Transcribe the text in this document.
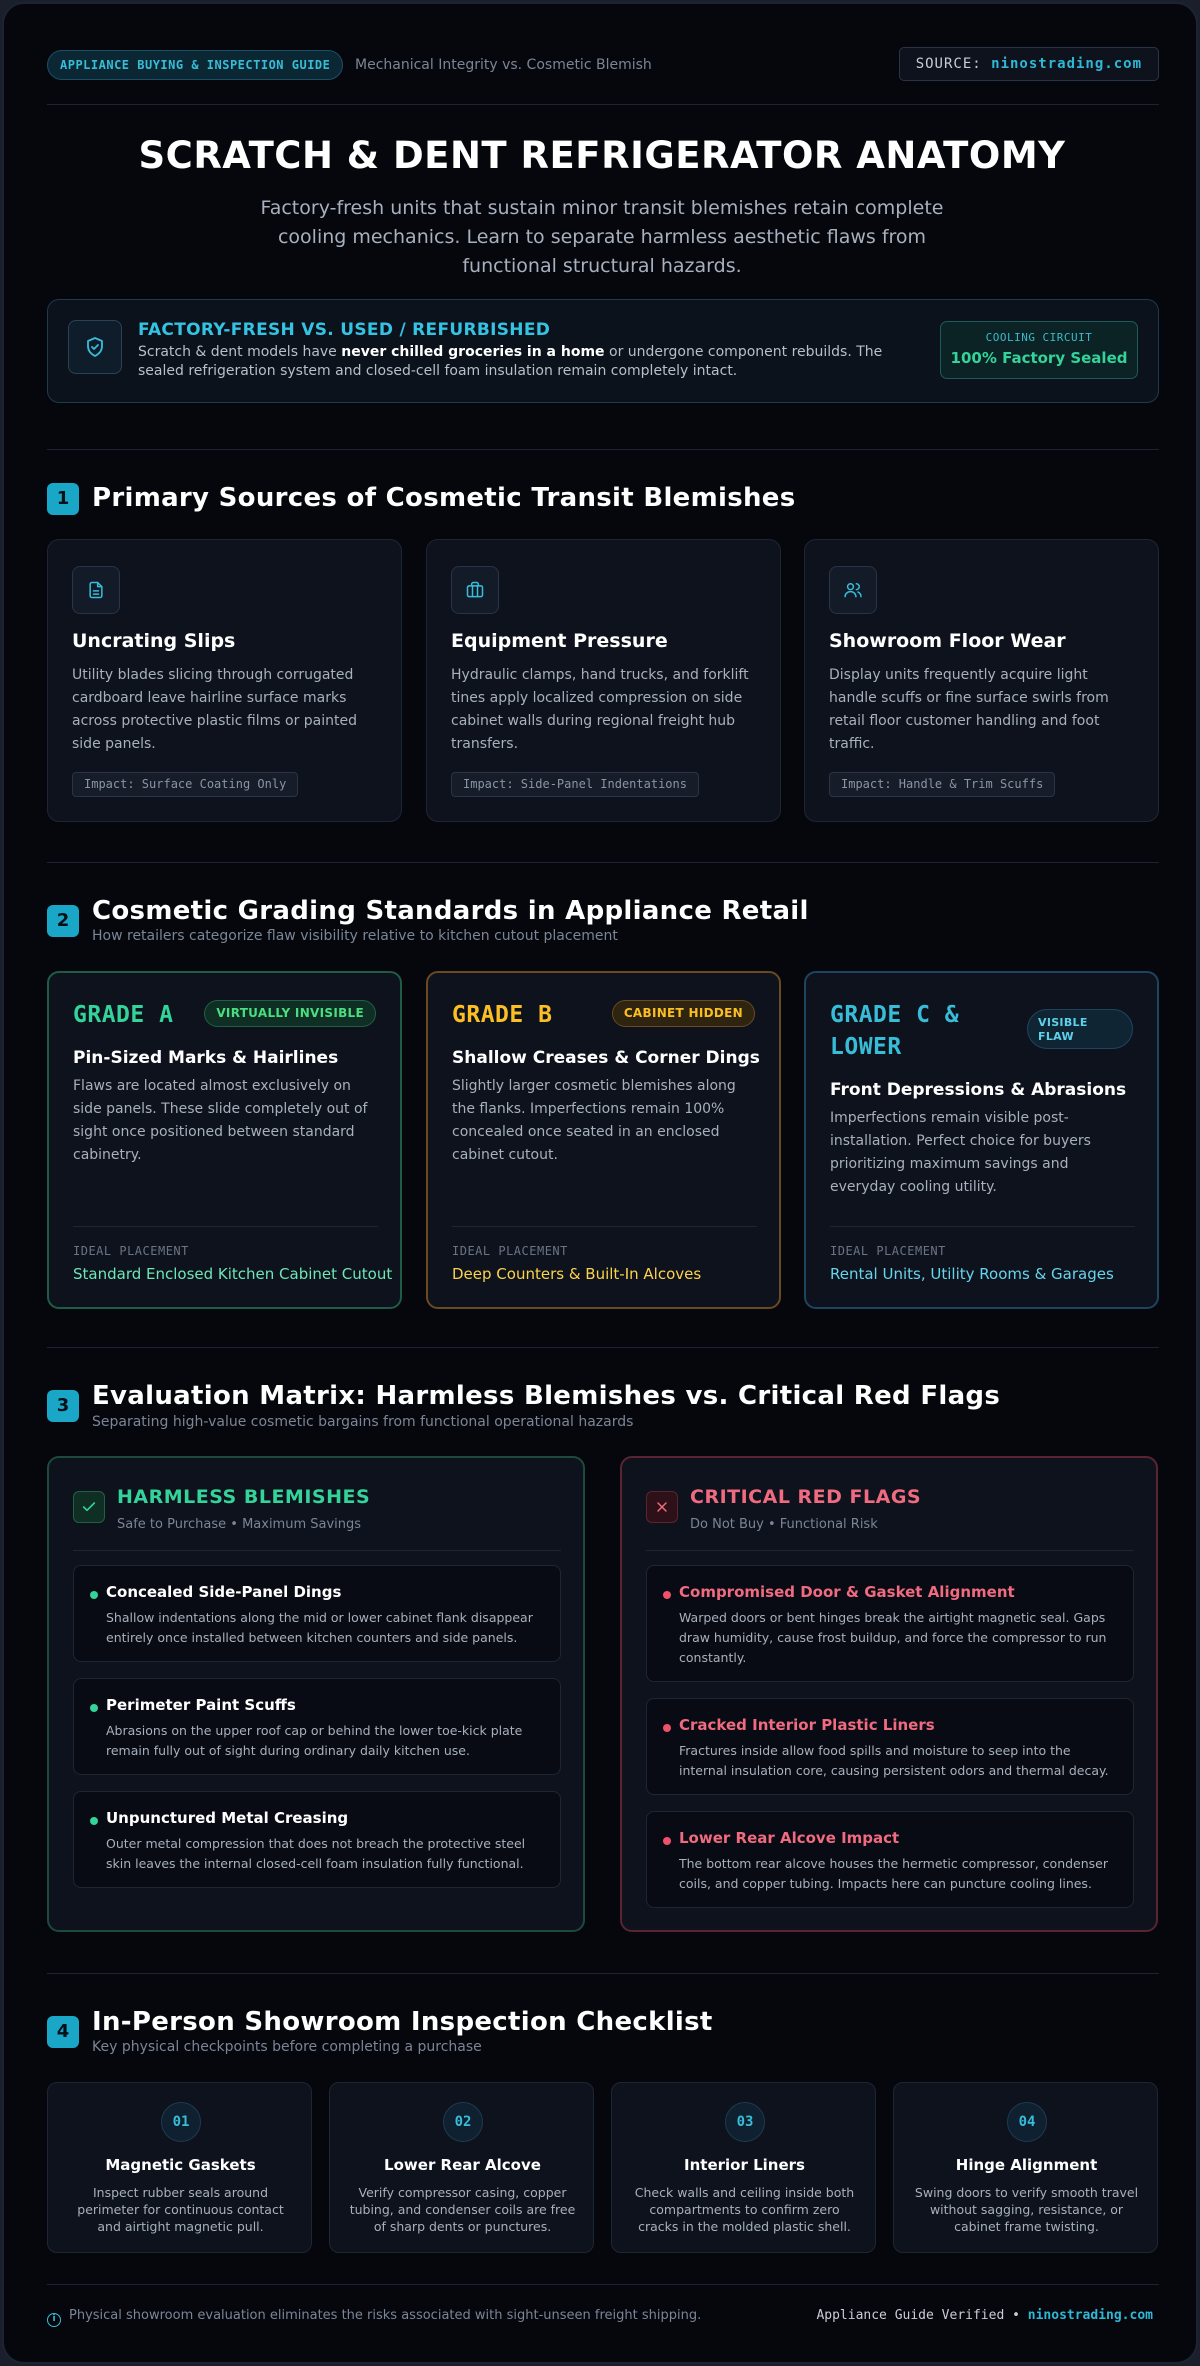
APPLIANCE BUYING & INSPECTION GUIDE	Mechanical Integrity vs. Cosmetic Blemish	SOURCE: ninostrading.com
SCRATCH & DENT REFRIGERATOR ANATOMY
Factory-fresh units that sustain minor transit blemishes retain complete cooling mechanics. Learn to separate harmless aesthetic flaws from functional structural hazards.
FACTORY-FRESH VS. USED / REFURBISHED
Scratch & dent models have never chilled groceries in a home or undergone component rebuilds. The sealed refrigeration system and closed-cell foam insulation remain completely intact.
COOLING CIRCUIT
100% Factory Sealed
1 Primary Sources of Cosmetic Transit Blemishes
Uncrating Slips
Utility blades slicing through corrugated cardboard leave hairline surface marks across protective plastic films or painted side panels.
Impact: Surface Coating Only
Equipment Pressure
Hydraulic clamps, hand trucks, and forklift tines apply localized compression on side cabinet walls during regional freight hub transfers.
Impact: Side-Panel Indentations
Showroom Floor Wear
Display units frequently acquire light handle scuffs or fine surface swirls from retail floor customer handling and foot traffic.
Impact: Handle & Trim Scuffs
2 Cosmetic Grading Standards in Appliance Retail
How retailers categorize flaw visibility relative to kitchen cutout placement
GRADE A	VIRTUALLY INVISIBLE
Pin-Sized Marks & Hairlines
Flaws are located almost exclusively on side panels. These slide completely out of sight once positioned between standard cabinetry.
IDEAL PLACEMENT
Standard Enclosed Kitchen Cabinet Cutout
GRADE B	CABINET HIDDEN
Shallow Creases & Corner Dings
Slightly larger cosmetic blemishes along the flanks. Imperfections remain 100% concealed once seated in an enclosed cabinet cutout.
IDEAL PLACEMENT
Deep Counters & Built-In Alcoves
GRADE C & LOWER
VISIBLE FLAW
Front Depressions & Abrasions
Imperfections remain visible post-installation. Perfect choice for buyers prioritizing maximum savings and everyday cooling utility.
IDEAL PLACEMENT
Rental Units, Utility Rooms & Garages
3 Evaluation Matrix: Harmless Blemishes vs. Critical Red Flags
Separating high-value cosmetic bargains from functional operational hazards
HARMLESS BLEMISHES
Safe to Purchase • Maximum Savings
Concealed Side-Panel Dings
Shallow indentations along the mid or lower cabinet flank disappear entirely once installed between kitchen counters and side panels.
Perimeter Paint Scuffs
Abrasions on the upper roof cap or behind the lower toe-kick plate remain fully out of sight during ordinary daily kitchen use.
Unpunctured Metal Creasing
Outer metal compression that does not breach the protective steel skin leaves the internal closed-cell foam insulation fully functional.
CRITICAL RED FLAGS
Do Not Buy • Functional Risk
Compromised Door & Gasket Alignment
Warped doors or bent hinges break the airtight magnetic seal. Gaps draw humidity, cause frost buildup, and force the compressor to run constantly.
Cracked Interior Plastic Liners
Fractures inside allow food spills and moisture to seep into the internal insulation core, causing persistent odors and thermal decay.
Lower Rear Alcove Impact
The bottom rear alcove houses the hermetic compressor, condenser coils, and copper tubing. Impacts here can puncture cooling lines.
4 In-Person Showroom Inspection Checklist
Key physical checkpoints before completing a purchase
01
Magnetic Gaskets
Inspect rubber seals around perimeter for continuous contact and airtight magnetic pull.
02
Lower Rear Alcove
Verify compressor casing, copper tubing, and condenser coils are free of sharp dents or punctures.
03
Interior Liners
Check walls and ceiling inside both compartments to confirm zero cracks in the molded plastic shell.
04
Hinge Alignment
Swing doors to verify smooth travel without sagging, resistance, or cabinet frame twisting.
i Physical showroom evaluation eliminates the risks associated with sight-unseen freight shipping.	Appliance Guide Verified • ninostrading.com
